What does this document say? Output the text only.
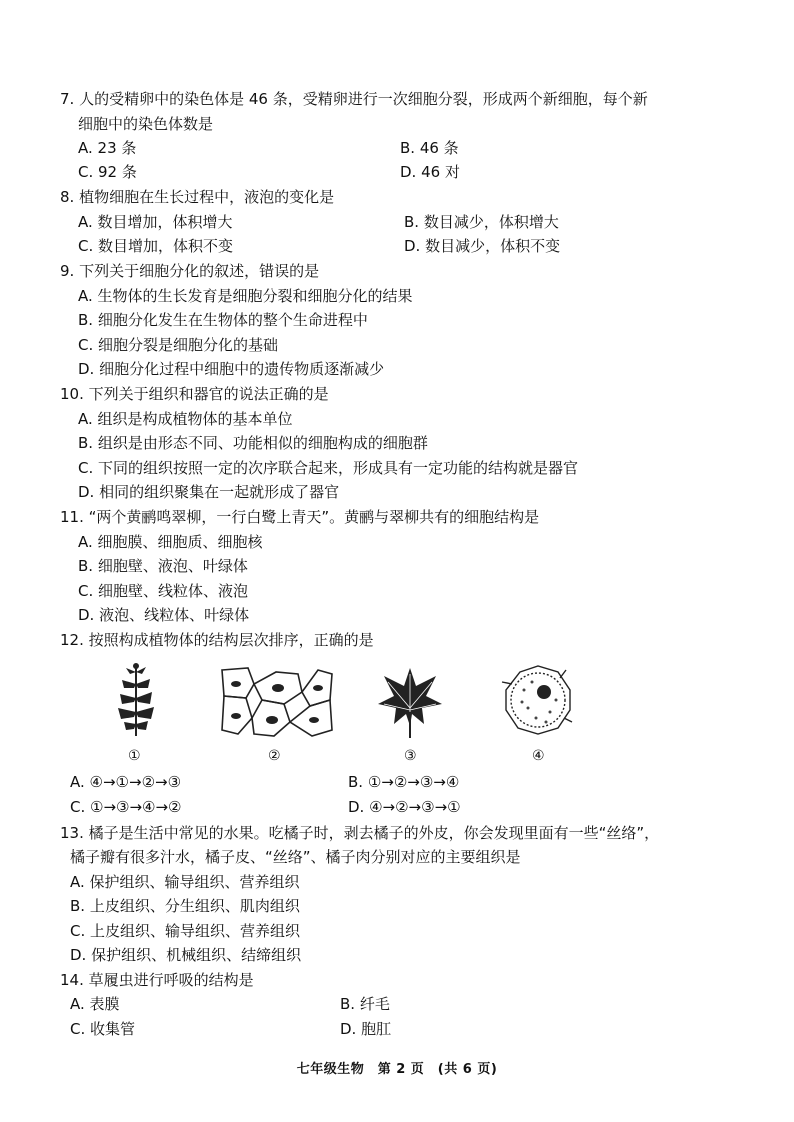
7. 人的受精卵中的染色体是 46 条，受精卵进行一次细胞分裂，形成两个新细胞，每个新
细胞中的染色体数是
A. 23 条	B. 46 条
C. 92 条	D. 46 对
8. 植物细胞在生长过程中，液泡的变化是
A. 数目增加，体积增大	B. 数目减少，体积增大
C. 数目增加，体积不变	D. 数目减少，体积不变
9. 下列关于细胞分化的叙述，错误的是
A. 生物体的生长发育是细胞分裂和细胞分化的结果
B. 细胞分化发生在生物体的整个生命进程中
C. 细胞分裂是细胞分化的基础
D. 细胞分化过程中细胞中的遗传物质逐渐减少
10. 下列关于组织和器官的说法正确的是
A. 组织是构成植物体的基本单位
B. 组织是由形态不同、功能相似的细胞构成的细胞群
C. 下同的组织按照一定的次序联合起来，形成具有一定功能的结构就是器官
D. 相同的组织聚集在一起就形成了器官
11. “两个黄鹂鸣翠柳，一行白鹭上青天”。黄鹂与翠柳共有的细胞结构是
A. 细胞膜、细胞质、细胞核
B. 细胞壁、液泡、叶绿体
C. 细胞壁、线粒体、液泡
D. 液泡、线粒体、叶绿体
12. 按照构成植物体的结构层次排序，正确的是
①	②	③	④
A. ④→①→②→③	B. ①→②→③→④
C. ①→③→④→②	D. ④→②→③→①
13. 橘子是生活中常见的水果。吃橘子时，剥去橘子的外皮，你会发现里面有一些“丝络”，
橘子瓣有很多汁水，橘子皮、“丝络”、橘子肉分别对应的主要组织是
A. 保护组织、输导组织、营养组织
B. 上皮组织、分生组织、肌肉组织
C. 上皮组织、输导组织、营养组织
D. 保护组织、机械组织、结缔组织
14. 草履虫进行呼吸的结构是
A. 表膜	B. 纤毛
C. 收集管	D. 胞肛
七年级生物　第 2 页　(共 6 页)
